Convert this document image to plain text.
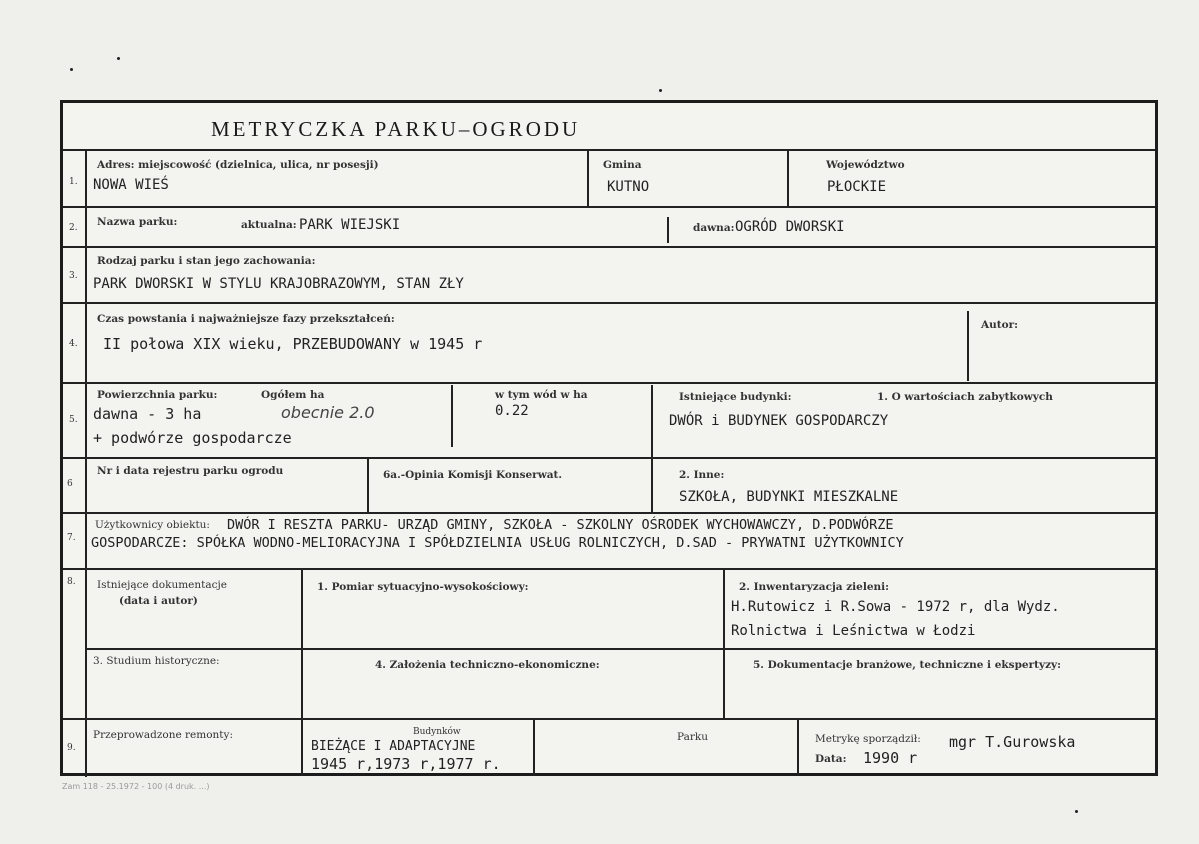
METRYCZKA PARKU–OGRODU
1.
Adres: miejscowość (dzielnica, ulica, nr posesji)
NOWA WIEŚ
Gmina
KUTNO
Województwo
PŁOCKIE
2. Nazwa parku:	aktualna: PARK WIEJSKI	dawna: OGRÓD DWORSKI
3.
Rodzaj parku i stan jego zachowania:
PARK DWORSKI W STYLU KRAJOBRAZOWYM, STAN ZŁY
4.
Czas powstania i najważniejsze fazy przekształceń:
II połowa XIX wieku, PRZEBUDOWANY w 1945 r
Autor:
5.
Powierzchnia parku:	Ogółem ha
dawna - 3 ha	obecnie 2.0
+ podwórze gospodarcze
w tym wód w ha
0.22
Istniejące budynki:	1. O wartościach zabytkowych
DWÓR i BUDYNEK GOSPODARCZY
6
Nr i data rejestru parku ogrodu	6a.-Opinia Komisji Konserwat.	2. Inne:
SZKOŁA, BUDYNKI MIESZKALNE
7.
Użytkownicy obiektu: DWÓR I RESZTA PARKU- URZĄD GMINY, SZKOŁA - SZKOLNY OŚRODEK WYCHOWAWCZY, D.PODWÓRZE
GOSPODARCZE: SPÓŁKA WODNO-MELIORACYJNA I SPÓŁDZIELNIA USŁUG ROLNICZYCH, D.SAD - PRYWATNI UŻYTKOWNICY
8. Istniejące dokumentacje
(data i autor)
1. Pomiar sytuacyjno-wysokościowy:	2. Inwentaryzacja zieleni:
H.Rutowicz i R.Sowa - 1972 r, dla Wydz.
Rolnictwa i Leśnictwa w Łodzi
3. Studium historyczne:	4. Założenia techniczno-ekonomiczne:	5. Dokumentacje branżowe, techniczne i ekspertyzy:
9.
Przeprowadzone remonty:	Budynków
BIEŻĄCE I ADAPTACYJNE
1945 r,1973 r,1977 r.
Parku	Metrykę sporządził: mgr T.Gurowska
Data: 1990 r
Zam 118 - 25.1972 - 100 (4 druk. ...)
